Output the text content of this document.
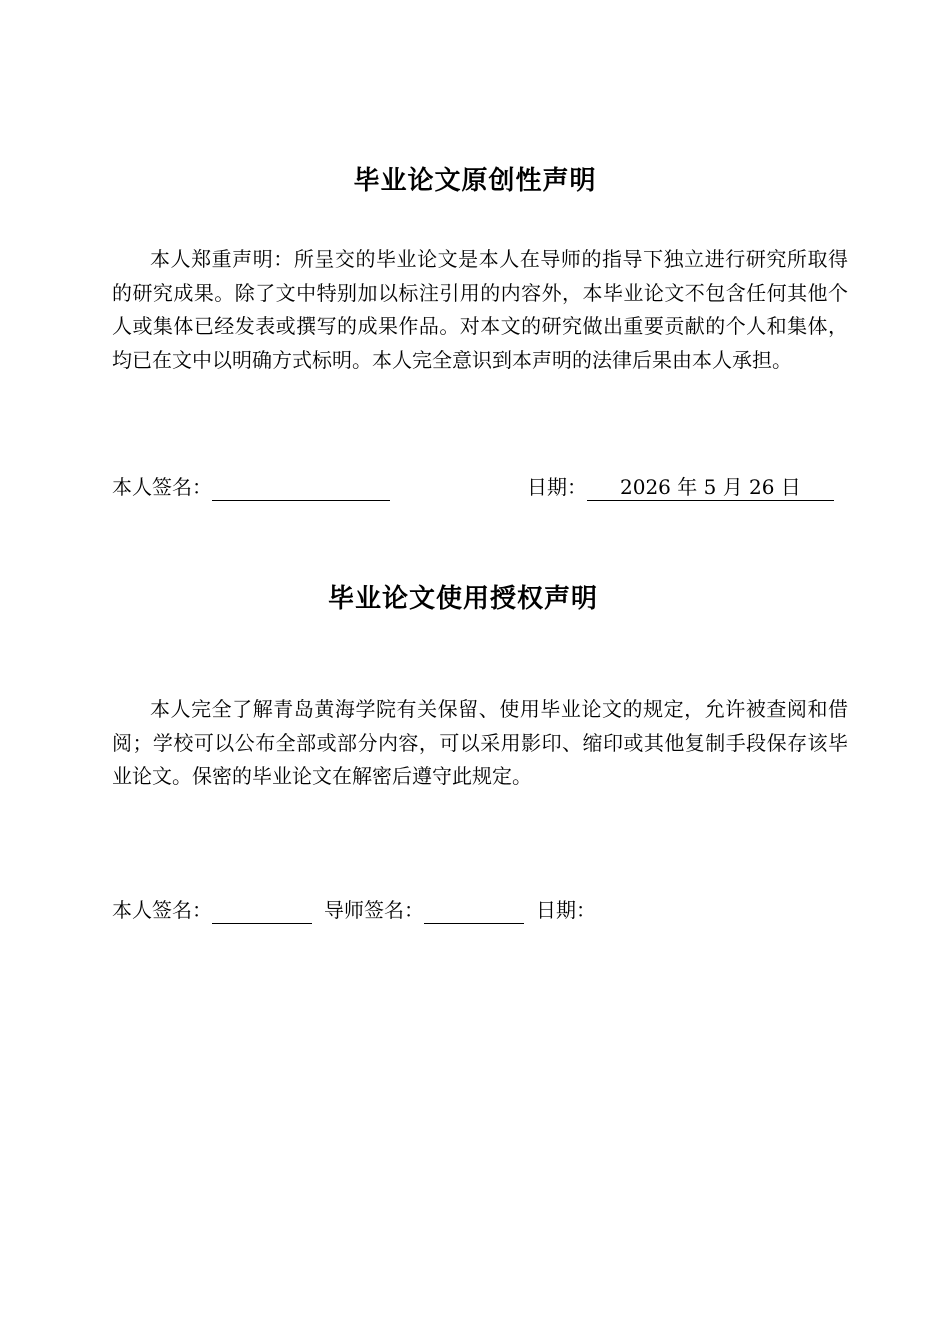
毕业论文原创性声明

本人郑重声明：所呈交的毕业论文是本人在导师的指导下独立进行研究所取得的研究成果。除了文中特别加以标注引用的内容外，本毕业论文不包含任何其他个人或集体已经发表或撰写的成果作品。对本文的研究做出重要贡献的个人和集体，均已在文中以明确方式标明。本人完全意识到本声明的法律后果由本人承担。

本人签名：	日期： 2026 年 5 月 26 日
毕业论文使用授权声明

本人完全了解青岛黄海学院有关保留、使用毕业论文的规定，允许被查阅和借阅；学校可以公布全部或部分内容，可以采用影印、缩印或其他复制手段保存该毕业论文。保密的毕业论文在解密后遵守此规定。

本人签名：	导师签名：	日期：
